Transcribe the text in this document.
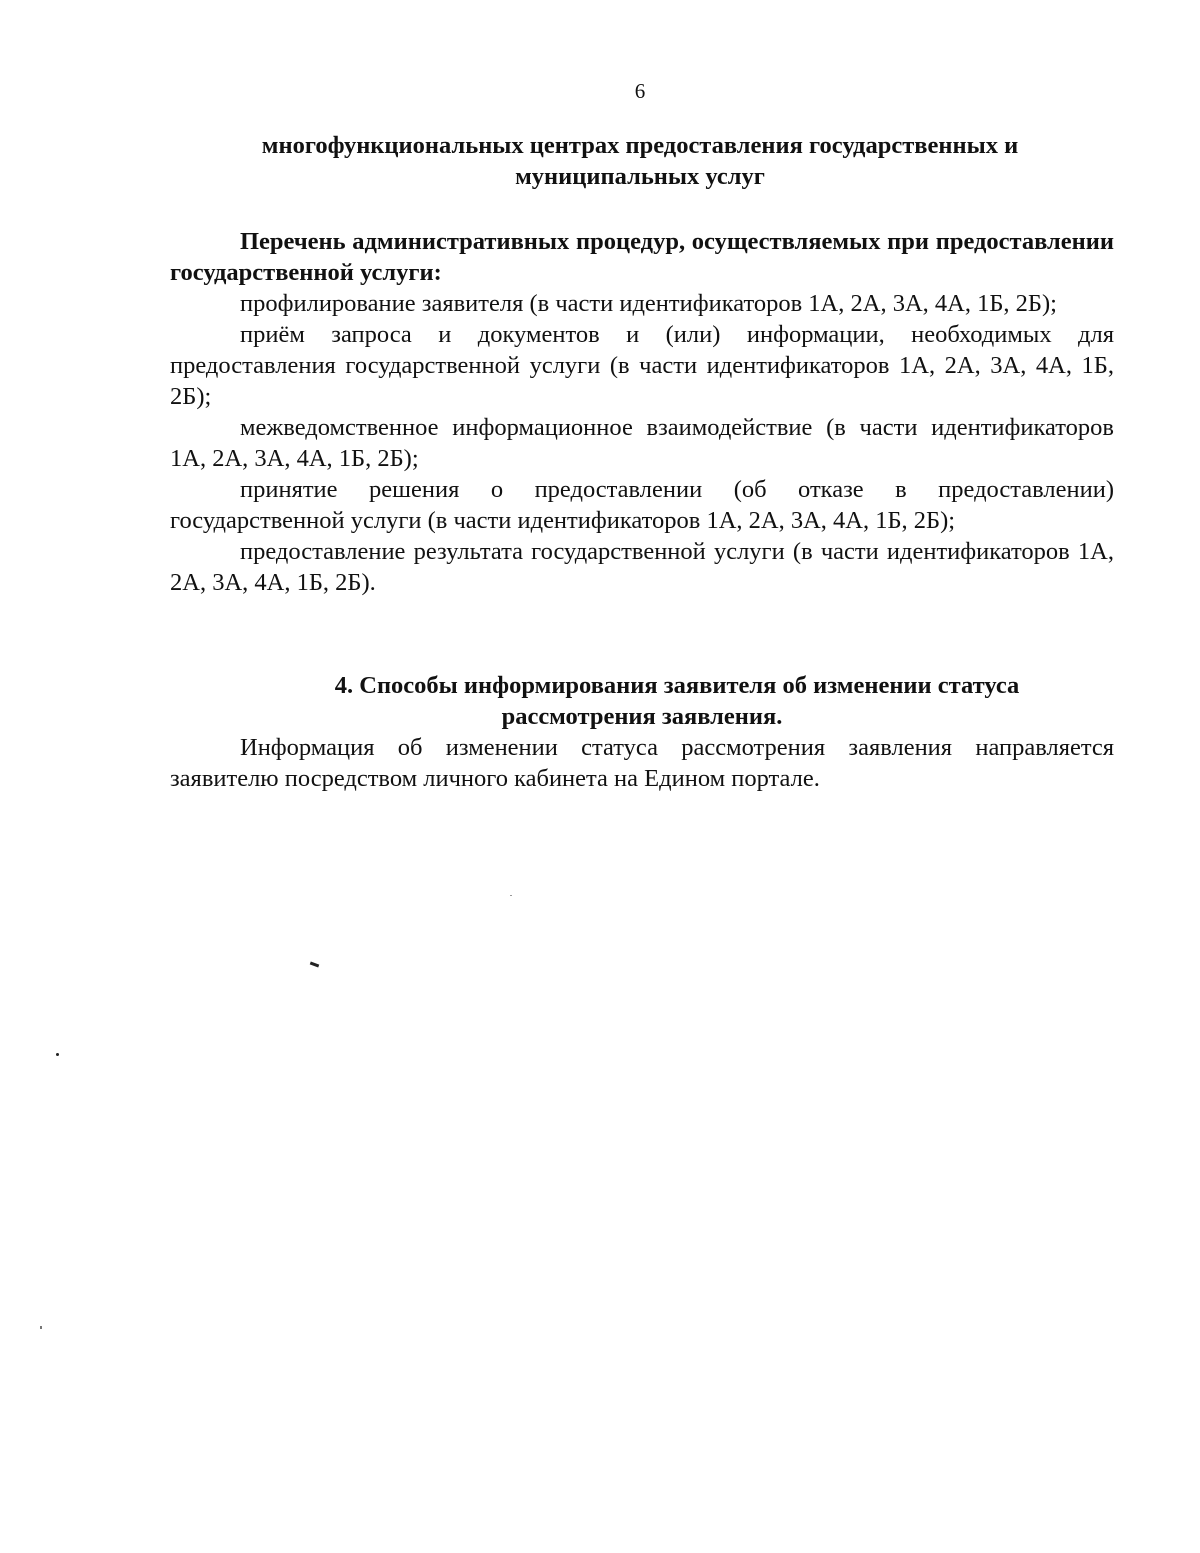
6
многофункциональных центрах предоставления государственных и
муниципальных услуг

Перечень административных процедур, осуществляемых при предоставлении государственной услуги:

профилирование заявителя (в части идентификаторов 1А, 2А, 3А, 4А, 1Б, 2Б);

приём запроса и документов и (или) информации, необходимых для предоставления государственной услуги (в части идентификаторов 1А, 2А, 3А, 4А, 1Б, 2Б);

межведомственное информационное взаимодействие (в части идентификаторов 1А, 2А, 3А, 4А, 1Б, 2Б);

принятие решения о предоставлении (об отказе в предоставлении) государственной услуги (в части идентификаторов 1А, 2А, 3А, 4А, 1Б, 2Б);

предоставление результата государственной услуги (в части идентификаторов 1А, 2А, 3А, 4А, 1Б, 2Б).

4. Способы информирования заявителя об изменении статуса
рассмотрения заявления.

Информация об изменении статуса рассмотрения заявления направляется заявителю посредством личного кабинета на Едином портале.
